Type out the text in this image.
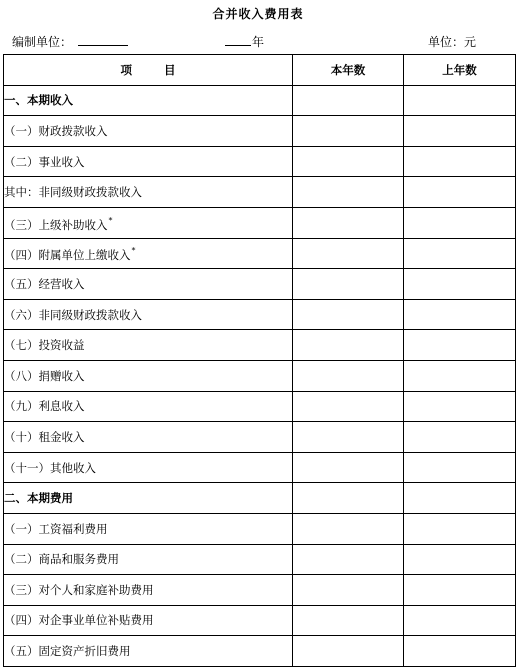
合并收入费用表
编制单位：	年	单位：元
项 目	本年数	上年数
一、本期收入		
（一）财政拨款收入		
（二）事业收入		
其中：非同级财政拨款收入		
（三）上级补助收入*		
（四）附属单位上缴收入*		
（五）经营收入		
（六）非同级财政拨款收入		
（七）投资收益		
（八）捐赠收入		
（九）利息收入		
（十）租金收入		
（十一）其他收入		
二、本期费用		
（一）工资福利费用		
（二）商品和服务费用		
（三）对个人和家庭补助费用		
（四）对企事业单位补贴费用		
（五）固定资产折旧费用		
